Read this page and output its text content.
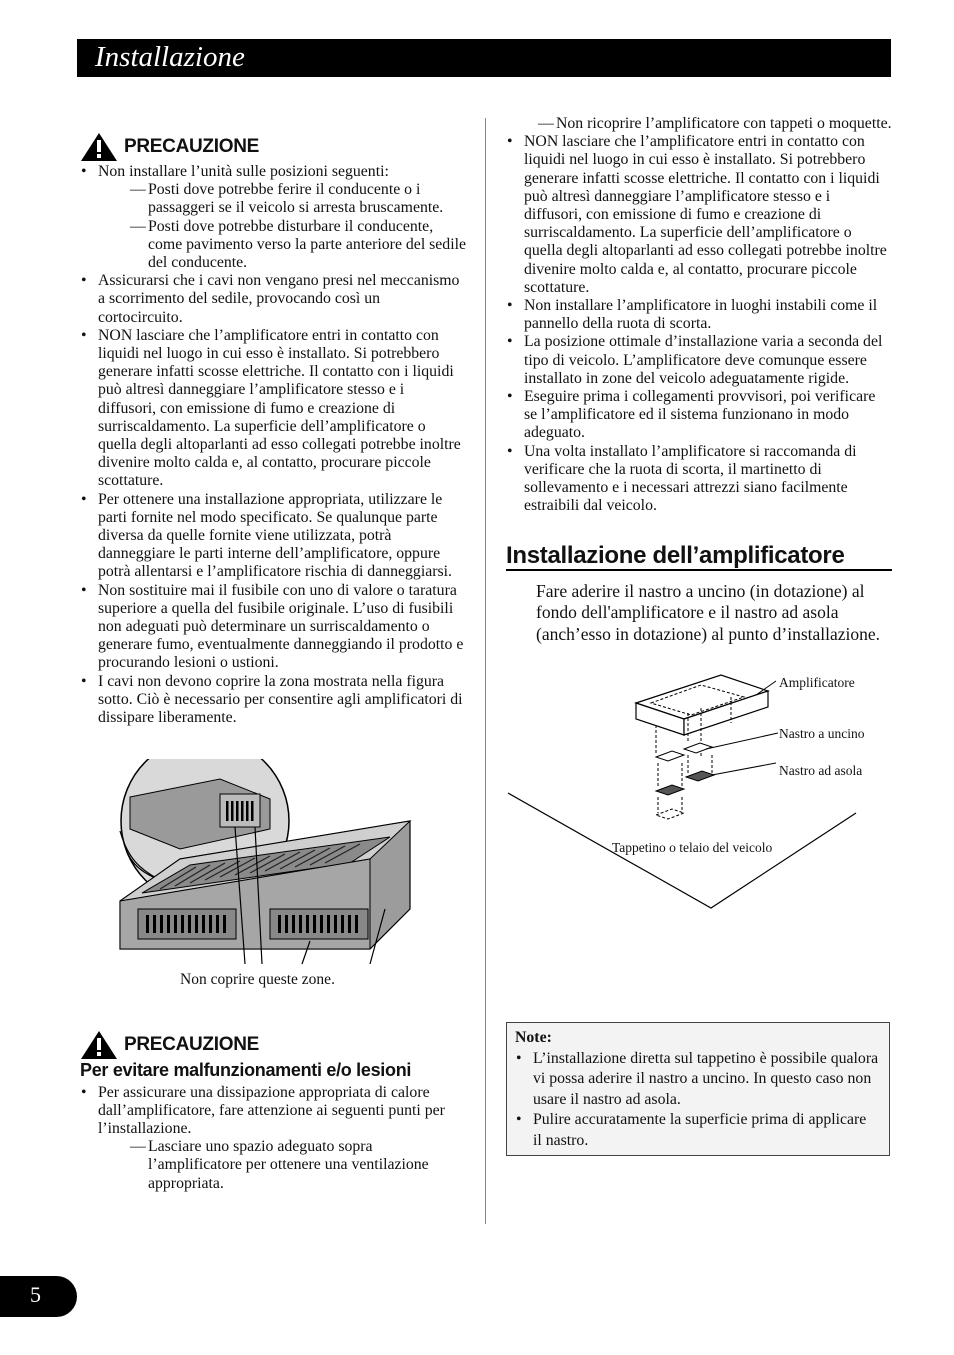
Installazione
PRECAUZIONE
• Non installare l’unità sulle posizioni seguenti:
— Posti dove potrebbe ferire il conducente o i passaggeri se il veicolo si arresta bruscamente.
— Posti dove potrebbe disturbare il conducente, come pavimento verso la parte anteriore del sedile del conducente.
• Assicurarsi che i cavi non vengano presi nel meccanismo a scorrimento del sedile, provocando così un cortocircuito.
• NON lasciare che l’amplificatore entri in contatto con liquidi nel luogo in cui esso è installato. Si potrebbero generare infatti scosse elettriche. Il contatto con i liquidi può altresì danneggiare l’amplificatore stesso e i diffusori, con emissione di fumo e creazione di surriscaldamento. La superficie dell’amplificatore o quella degli altoparlanti ad esso collegati potrebbe inoltre divenire molto calda e, al contatto, procurare piccole scottature.
• Per ottenere una installazione appropriata, utilizzare le parti fornite nel modo specificato. Se qualunque parte diversa da quelle fornite viene utilizzata, potrà danneggiare le parti interne dell’amplificatore, oppure potrà allentarsi e l’amplificatore rischia di danneggiarsi.
• Non sostituire mai il fusibile con uno di valore o taratura superiore a quella del fusibile originale. L’uso di fusibili non adeguati può determinare un surriscaldamento o generare fumo, eventualmente danneggiando il prodotto e procurando lesioni o ustioni.
• I cavi non devono coprire la zona mostrata nella figura sotto. Ciò è necessario per consentire agli amplificatori di dissipare liberamente.
Non coprire queste zone.
PRECAUZIONE
Per evitare malfunzionamenti e/o lesioni
• Per assicurare una dissipazione appropriata di calore dall’amplificatore, fare attenzione ai seguenti punti per l’installazione.
— Lasciare uno spazio adeguato sopra l’amplificatore per ottenere una ventilazione appropriata.
— Non ricoprire l’amplificatore con tappeti o moquette.
• NON lasciare che l’amplificatore entri in contatto con liquidi nel luogo in cui esso è installato. Si potrebbero generare infatti scosse elettriche. Il contatto con i liquidi può altresì danneggiare l’amplificatore stesso e i diffusori, con emissione di fumo e creazione di surriscaldamento. La superficie dell’amplificatore o quella degli altoparlanti ad esso collegati potrebbe inoltre divenire molto calda e, al contatto, procurare piccole scottature.
• Non installare l’amplificatore in luoghi instabili come il pannello della ruota di scorta.
• La posizione ottimale d’installazione varia a seconda del tipo di veicolo. L’amplificatore deve comunque essere installato in zone del veicolo adeguatamente rigide.
• Eseguire prima i collegamenti provvisori, poi verificare se l’amplificatore ed il sistema funzionano in modo adeguato.
• Una volta installato l’amplificatore si raccomanda di verificare che la ruota di scorta, il martinetto di sollevamento e i necessari attrezzi siano facilmente estraibili dal veicolo.
Installazione dell’amplificatore
Fare aderire il nastro a uncino (in dotazione) al fondo dell'amplificatore e il nastro ad asola (anch’esso in dotazione) al punto d’installazione.
Amplificatore
Nastro a uncino
Nastro ad asola
Tappetino o telaio del veicolo
Note:
• L’installazione diretta sul tappetino è possibile qualora vi possa aderire il nastro a uncino. In questo caso non usare il nastro ad asola.
• Pulire accuratamente la superficie prima di applicare il nastro.
5
